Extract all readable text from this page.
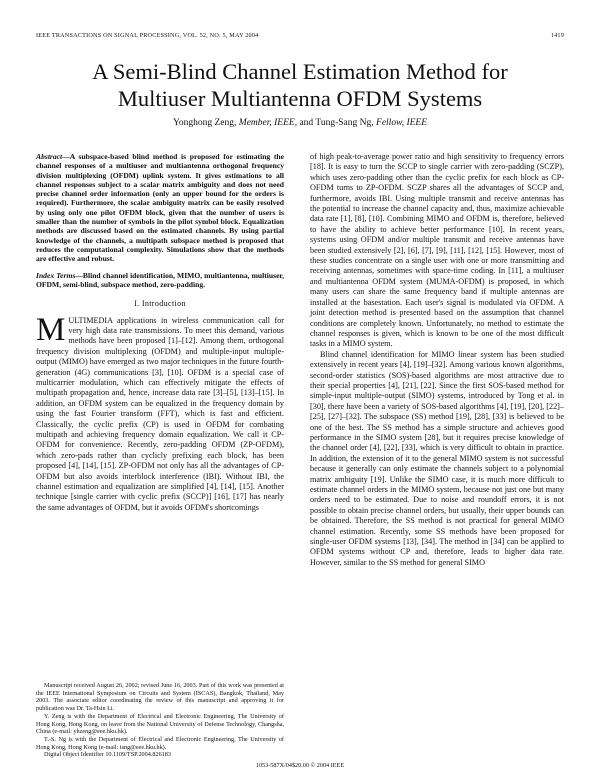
IEEE TRANSACTIONS ON SIGNAL PROCESSING, VOL. 52, NO. 5, MAY 2004	1419
A Semi-Blind Channel Estimation Method for
Multiuser Multiantenna OFDM Systems
Yonghong Zeng, Member, IEEE, and Tung-Sang Ng, Fellow, IEEE
Abstract—A subspace-based blind method is proposed for estimating the channel responses of a multiuser and multiantenna orthogonal frequency division multiplexing (OFDM) uplink system. It gives estimations to all channel responses subject to a scalar matrix ambiguity and does not need precise channel order information (only an upper bound for the orders is required). Furthermore, the scalar ambiguity matrix can be easily resolved by using only one pilot OFDM block, given that the number of users is smaller than the number of symbols in the pilot symbol block. Equalization methods are discussed based on the estimated channels. By using partial knowledge of the channels, a multipath subspace method is proposed that reduces the computational complexity. Simulations show that the methods are effective and robust.
Index Terms—Blind channel identification, MIMO, multiantenna, multiuser, OFDM, semi-blind, subspace method, zero-padding.
I. Introduction

MULTIMEDIA applications in wireless communication call for very high data rate transmissions. To meet this demand, various methods have been proposed [1]–[12]. Among them, orthogonal frequency division multiplexing (OFDM) and multiple-input multiple-output (MIMO) have emerged as two major techniques in the future fourth-generation (4G) communications [3], [10]. OFDM is a special case of multicarrier modulation, which can effectively mitigate the effects of multipath propagation and, hence, increase data rate [3]–[5], [13]–[15]. In addition, an OFDM system can be equalized in the frequency domain by using the fast Fourier transform (FFT), which is fast and efficient. Classically, the cyclic prefix (CP) is used in OFDM for combating multipath and achieving frequency domain equalization. We call it CP-OFDM for convenience. Recently, zero-padding OFDM (ZP-OFDM), which zero-pads rather than cyclicly prefixing each block, has been proposed [4], [14], [15]. ZP-OFDM not only has all the advantages of CP-OFDM but also avoids interblock interference (IBI). Without IBI, the channel estimation and equalization are simplified [4], [14], [15]. Another technique [single carrier with cyclic prefix (SCCP)] [16], [17] has nearly the same advantages of OFDM, but it avoids OFDM's shortcomings

of high peak-to-average power ratio and high sensitivity to frequency errors [18]. It is easy to turn the SCCP to single carrier with zero-padding (SCZP), which uses zero-padding other than the cyclic prefix for each block as CP-OFDM turns to ZP-OFDM. SCZP shares all the advantages of SCCP and, furthermore, avoids IBI. Using multiple transmit and receive antennas has the potential to increase the channel capacity and, thus, maximize achievable data rate [1], [8], [10]. Combining MIMO and OFDM is, therefore, believed to have the ability to achieve better performance [10]. In recent years, systems using OFDM and/or multiple transmit and receive antennas have been studied extensively [2], [6], [7], [9], [11], [12], [15]. However, most of these studies concentrate on a single user with one or more transmitting and receiving antennas, sometimes with space-time coding. In [11], a multiuser and multiantenna OFDM system (MUMA-OFDM) is proposed, in which many users can share the same frequency band if multiple antennas are installed at the basestation. Each user's signal is modulated via OFDM. A joint detection method is presented based on the assumption that channel conditions are completely known. Unfortunately, no method to estimate the channel responses is given, which is known to be one of the most difficult tasks in a MIMO system.

Blind channel identification for MIMO linear system has been studied extensively in recent years [4], [19]–[32]. Among various known algorithms, second-order statistics (SOS)-based algorithms are most attractive due to their special properties [4], [21], [22]. Since the first SOS-based method for simple-input multiple-output (SIMO) systems, introduced by Tong et al. in [30], there have been a variety of SOS-based algorithms [4], [19], [20], [22]–[25], [27]–[32]. The subspace (SS) method [19], [28], [33] is believed to be one of the best. The SS method has a simple structure and achieves good performance in the SIMO system [28], but it requires precise knowledge of the channel order [4], [22], [33], which is very difficult to obtain in practice. In addition, the extension of it to the general MIMO system is not successful because it generally can only estimate the channels subject to a polynomial matrix ambiguity [19]. Unlike the SIMO case, it is much more difficult to estimate channel orders in the MIMO system, because not just one but many orders need to be estimated. Due to noise and roundoff errors, it is not possible to obtain precise channel orders, but usually, their upper bounds can be obtained. Therefore, the SS method is not practical for general MIMO channel estimation. Recently, some SS methods have been proposed for single-user OFDM systems [13], [34]. The method in [34] can be applied to OFDM systems without CP and, therefore, leads to higher data rate. However, similar to the SS method for general SIMO

Manuscript received August 26, 2002; revised June 16, 2003. Part of this work was presented at the IEEE International Symposium on Circuits and System (ISCAS), Bangkok, Thailand, May 2003. The associate editor coordinating the review of this manuscript and approving it for publication was Dr. Ta-Hsin Li.

Y. Zeng is with the Department of Electrical and Electronic Engineering, The University of Hong Kong, Hong Kong, on leave from the National University of Defense Technology, Changsha, China (e-mail: yhzeng@eee.hku.hk).

T.-S. Ng is with the Department of Electrical and Electronic Engineering, The University of Hong Kong, Hong Kong (e-mail: tsng@eee.hku.hk).

Digital Object Identifier 10.1109/TSP.2004.826183

1053-587X/04$20.00 © 2004 IEEE
